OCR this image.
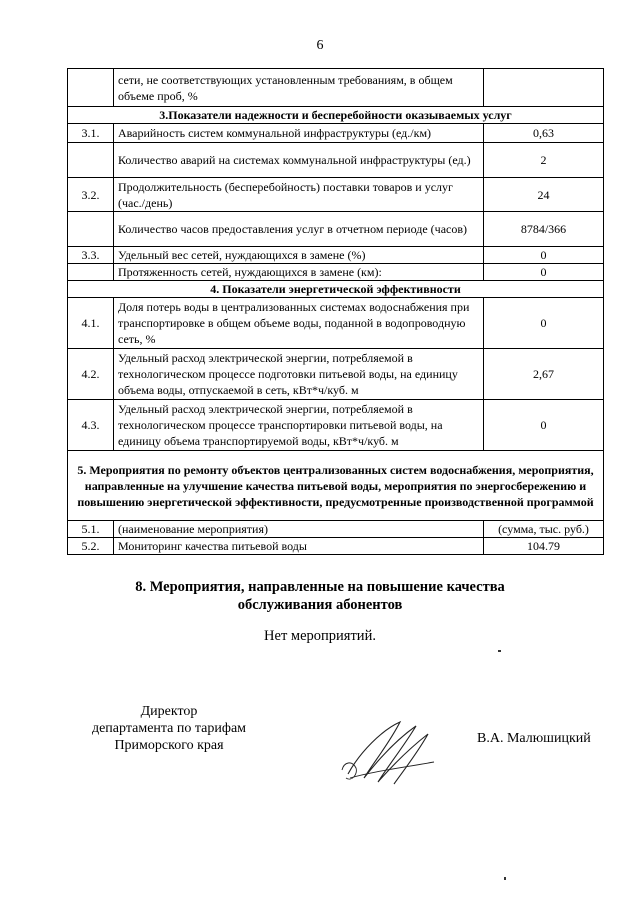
6
	сети, не соответствующих установленным требованиям, в общем объеме проб, %	
3.Показатели надежности и бесперебойности оказываемых услуг		
3.1.	Аварийность систем коммунальной инфраструктуры (ед./км)	0,63
	Количество аварий на системах коммунальной инфраструктуры (ед.)	2
3.2.	Продолжительность (бесперебойность) поставки товаров и услуг (час./день)	24
	Количество часов предоставления услуг в отчетном периоде (часов)	8784/366
3.3.	Удельный вес сетей, нуждающихся в замене (%)	0
	Протяженность сетей, нуждающихся в замене (км):	0
4. Показатели энергетической эффективности		
4.1.	Доля потерь воды в централизованных системах водоснабжения при транспортировке в общем объеме воды, поданной в водопроводную сеть, %	0
4.2.	Удельный расход электрической энергии, потребляемой в технологическом процессе подготовки питьевой воды, на единицу объема воды, отпускаемой в сеть, кВт*ч/куб. м	2,67
4.3.	Удельный расход электрической энергии, потребляемой в технологическом процессе транспортировки питьевой воды, на единицу объема транспортируемой воды, кВт*ч/куб. м	0
5. Мероприятия по ремонту объектов централизованных систем водоснабжения, мероприятия, направленные на улучшение качества питьевой воды, мероприятия по энергосбережению и повышению энергетической эффективности, предусмотренные производственной программой		
5.1.	(наименование мероприятия)	(сумма, тыс. руб.)
5.2.	Мониторинг качества питьевой воды	104.79
8. Мероприятия, направленные на повышение качества
обслуживания абонентов
Нет мероприятий.
Директор
департамента по тарифам
Приморского края	В.А. Малюшицкий
